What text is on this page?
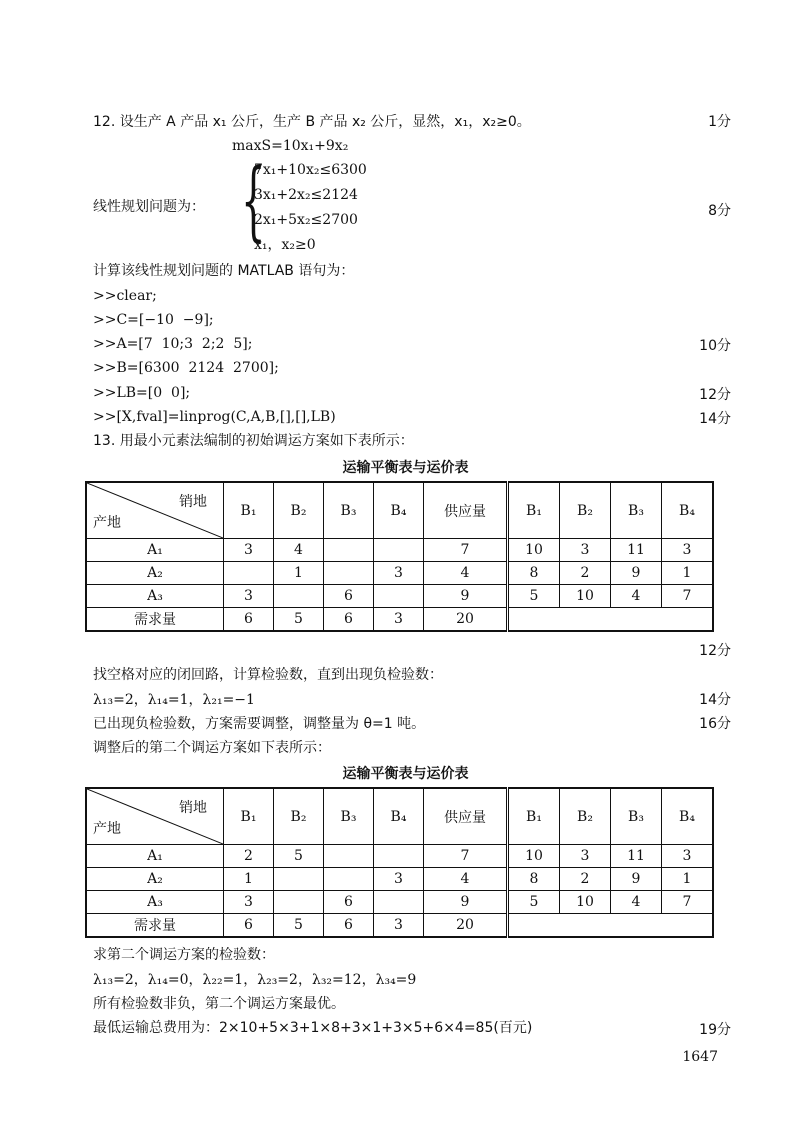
12. 设生产 A 产品 x₁ 公斤，生产 B 产品 x₂ 公斤，显然，x₁，x₂≥0。	1分
maxS=10x₁+9x₂
线性规划问题为： {
7x₁+10x₂≤6300
3x₁+2x₂≤2124
2x₁+5x₂≤2700
x₁，x₂≥0
8分
计算该线性规划问题的 MATLAB 语句为：
>>clear;
>>C=[−10  −9];
>>A=[7  10;3  2;2  5];	10分
>>B=[6300  2124  2700];
>>LB=[0  0];	12分
>>[X,fval]=linprog(C,A,B,[],[],LB)	14分
13. 用最小元素法编制的初始调运方案如下表所示：
运输平衡表与运价表
销地
产地	B₁	B₂	B₃	B₄	供应量	B₁	B₂	B₃	B₄
A₁	3	4			7	10	3	11	3
A₂		1		3	4	8	2	9	1
A₃	3		6		9	5	10	4	7
需求量	6	5	6	3	20				
12分
找空格对应的闭回路，计算检验数，直到出现负检验数：
λ₁₃=2，λ₁₄=1，λ₂₁=−1	14分
已出现负检验数，方案需要调整，调整量为 θ=1 吨。	16分
调整后的第二个调运方案如下表所示：
运输平衡表与运价表
销地
产地	B₁	B₂	B₃	B₄	供应量	B₁	B₂	B₃	B₄
A₁	2	5			7	10	3	11	3
A₂	1			3	4	8	2	9	1
A₃	3		6		9	5	10	4	7
需求量	6	5	6	3	20				
求第二个调运方案的检验数：
λ₁₃=2，λ₁₄=0，λ₂₂=1，λ₂₃=2，λ₃₂=12，λ₃₄=9
所有检验数非负，第二个调运方案最优。
最低运输总费用为：2×10+5×3+1×8+3×1+3×5+6×4=85(百元)	19分
1647
